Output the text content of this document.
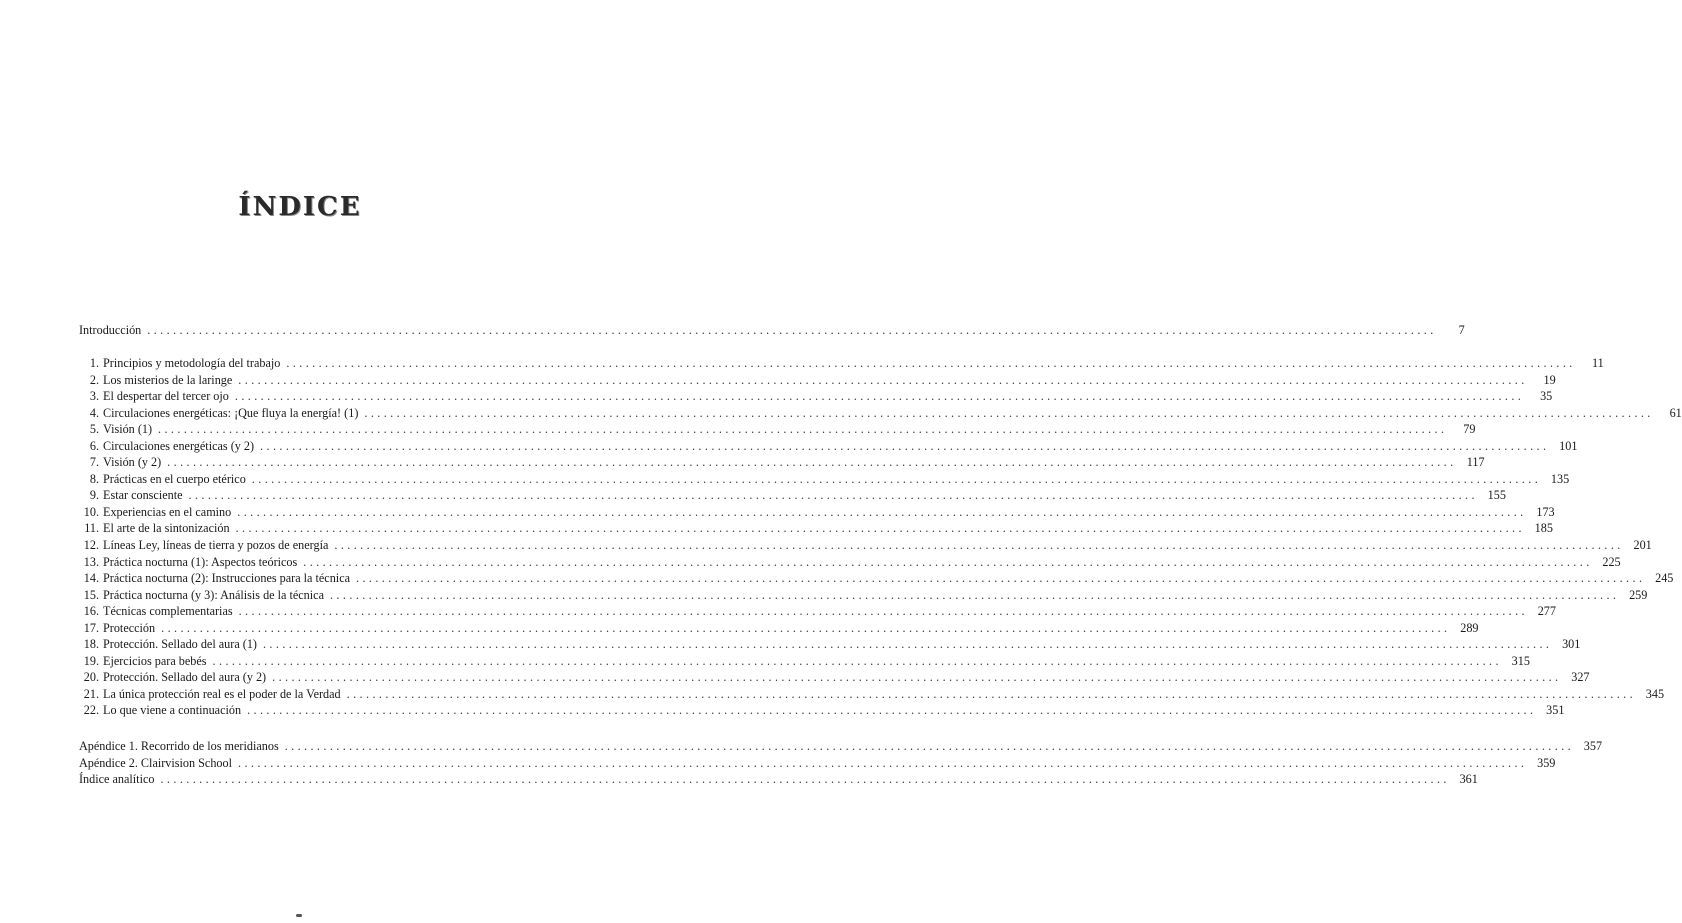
ÍNDICE
Introducción ........................................................................................................................................................................................................	7
1. Principios y metodología del trabajo ........................................................................................................................................................................................................	11
2. Los misterios de la laringe ........................................................................................................................................................................................................	19
3. El despertar del tercer ojo ........................................................................................................................................................................................................	35
4. Circulaciones energéticas: ¡Que fluya la energía! (1) ........................................................................................................................................................................................................	61
5. Visión (1) ........................................................................................................................................................................................................	79
6. Circulaciones energéticas (y 2) ........................................................................................................................................................................................................ 101
7. Visión (y 2) ........................................................................................................................................................................................................ 117
8. Prácticas en el cuerpo etérico ........................................................................................................................................................................................................ 135
9. Estar consciente ........................................................................................................................................................................................................ 155
10. Experiencias en el camino ........................................................................................................................................................................................................ 173
11. El arte de la sintonización ........................................................................................................................................................................................................ 185
12. Líneas Ley, líneas de tierra y pozos de energía ........................................................................................................................................................................................................ 201
13. Práctica nocturna (1): Aspectos teóricos ........................................................................................................................................................................................................ 225
14. Práctica nocturna (2): Instrucciones para la técnica ........................................................................................................................................................................................................ 245
15. Práctica nocturna (y 3): Análisis de la técnica ........................................................................................................................................................................................................ 259
16. Técnicas complementarias ........................................................................................................................................................................................................ 277
17. Protección ........................................................................................................................................................................................................ 289
18. Protección. Sellado del aura (1) ........................................................................................................................................................................................................ 301
19. Ejercicios para bebés ........................................................................................................................................................................................................ 315
20. Protección. Sellado del aura (y 2) ........................................................................................................................................................................................................ 327
21. La única protección real es el poder de la Verdad ........................................................................................................................................................................................................ 345
22. Lo que viene a continuación ........................................................................................................................................................................................................ 351
Apéndice 1. Recorrido de los meridianos ........................................................................................................................................................................................................ 357
Apéndice 2. Clairvision School ........................................................................................................................................................................................................ 359
Índice analítico ........................................................................................................................................................................................................ 361
